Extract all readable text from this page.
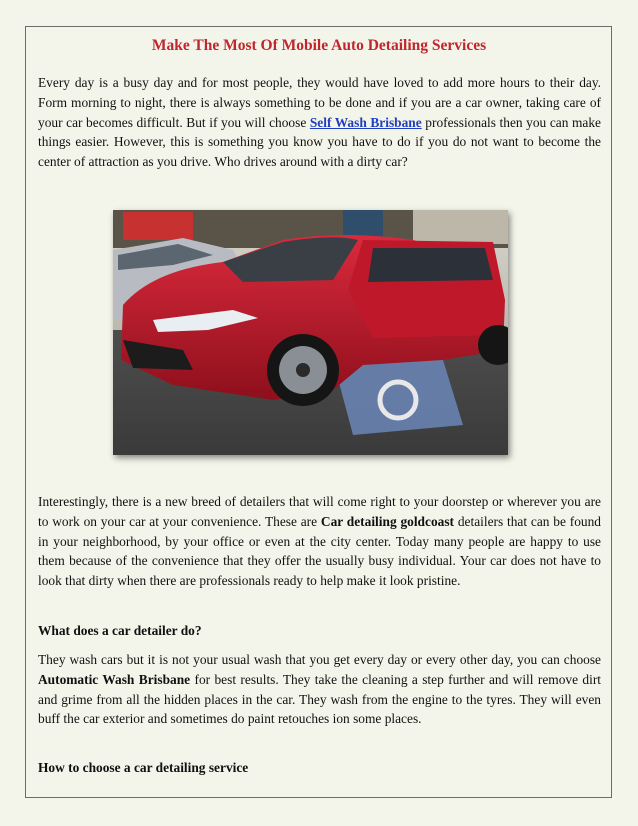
Make The Most Of Mobile Auto Detailing Services

Every day is a busy day and for most people, they would have loved to add more hours to their day. Form morning to night, there is always something to be done and if you are a car owner, taking care of your car becomes difficult. But if you will choose Self Wash Brisbane professionals then you can make things easier. However, this is something you know you have to do if you do not want to become the center of attraction as you drive. Who drives around with a dirty car?

Interestingly, there is a new breed of detailers that will come right to your doorstep or wherever you are to work on your car at your convenience. These are Car detailing goldcoast detailers that can be found in your neighborhood, by your office or even at the city center. Today many people are happy to use them because of the convenience that they offer the usually busy individual. Your car does not have to look that dirty when there are professionals ready to help make it look pristine.

What does a car detailer do?

They wash cars but it is not your usual wash that you get every day or every other day, you can choose Automatic Wash Brisbane for best results. They take the cleaning a step further and will remove dirt and grime from all the hidden places in the car. They wash from the engine to the tyres. They will even buff the car exterior and sometimes do paint retouches ion some places.

How to choose a car detailing service
